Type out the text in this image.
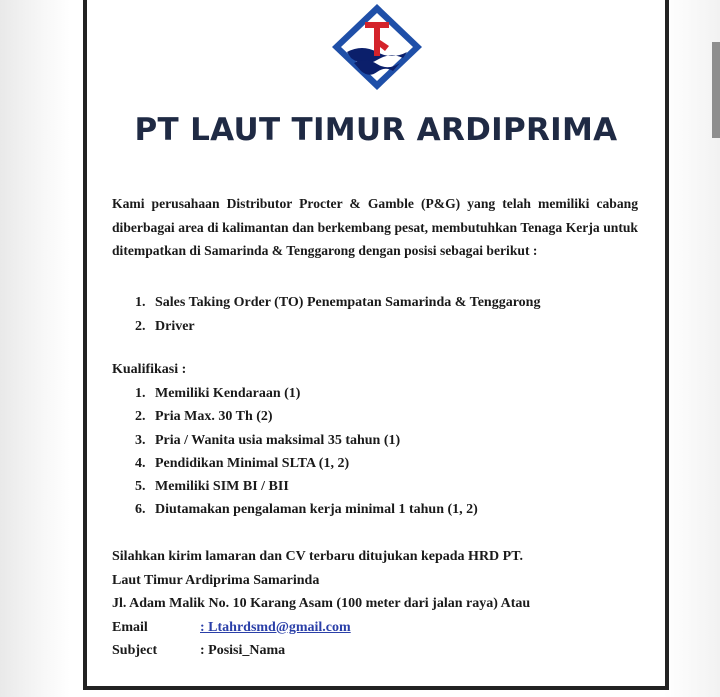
PT LAUT TIMUR ARDIPRIMA
Kami perusahaan Distributor Procter & Gamble (P&G) yang telah memiliki cabang diberbagai area di kalimantan dan berkembang pesat, membutuhkan Tenaga Kerja untuk ditempatkan di Samarinda & Tenggarong dengan posisi sebagai berikut :
1. Sales Taking Order (TO) Penempatan Samarinda & Tenggarong
2. Driver
Kualifikasi :
1. Memiliki Kendaraan (1)
2. Pria Max. 30 Th (2)
3. Pria / Wanita usia maksimal 35 tahun (1)
4. Pendidikan Minimal SLTA (1, 2)
5. Memiliki SIM BI / BII
6. Diutamakan pengalaman kerja minimal 1 tahun (1, 2)
Silahkan kirim lamaran dan CV terbaru ditujukan kepada HRD PT.
Laut Timur Ardiprima Samarinda
Jl. Adam Malik No. 10 Karang Asam (100 meter dari jalan raya) Atau
Email	: Ltahrdsmd@gmail.com
Subject	: Posisi_Nama
